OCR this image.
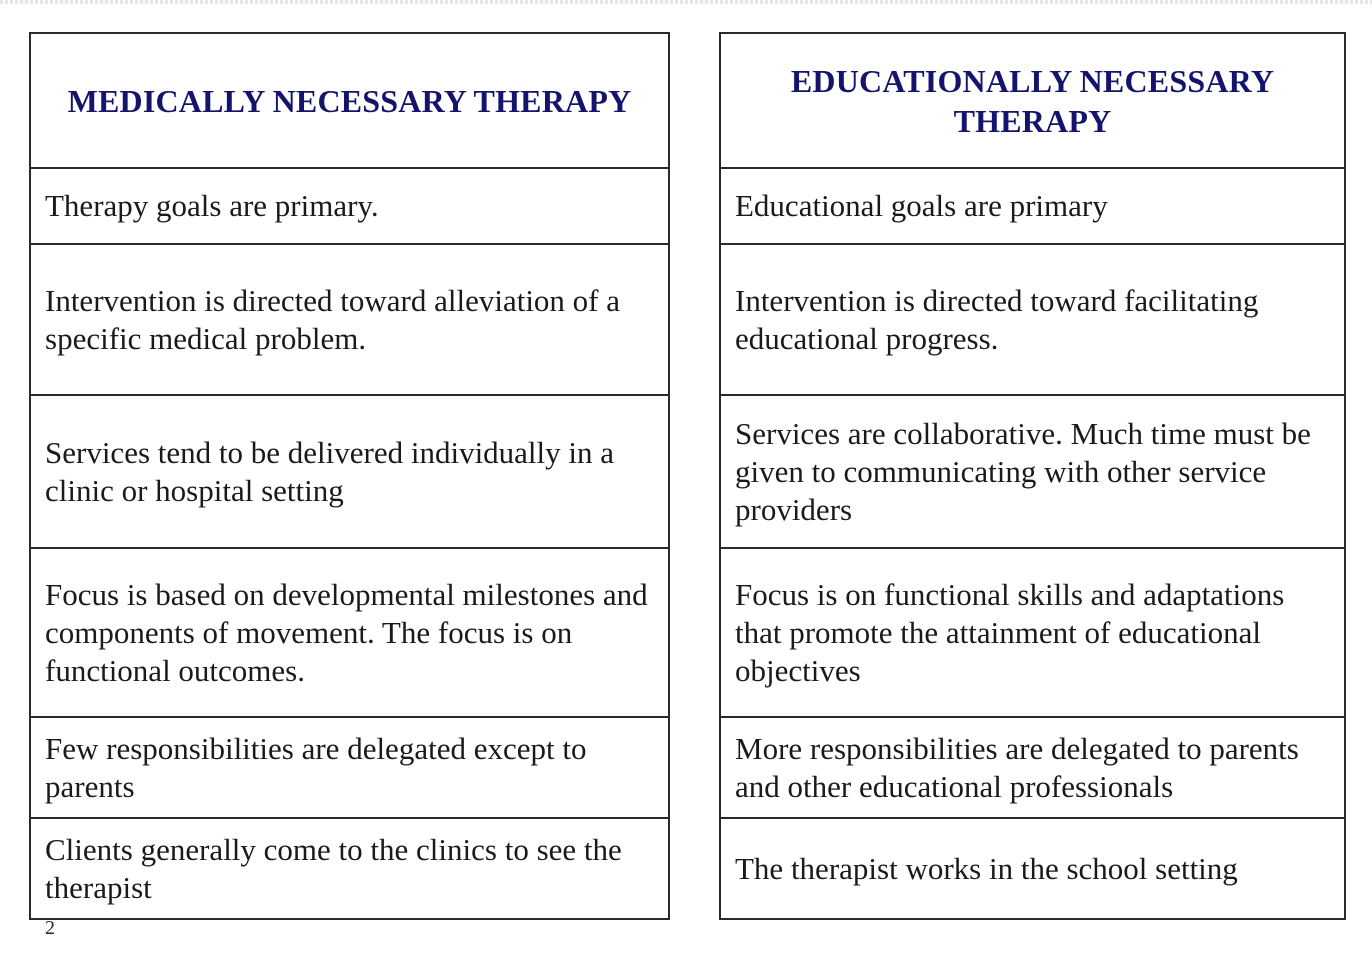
MEDICALLY NECESSARY THERAPY
Therapy goals are primary.
Intervention is directed toward alleviation of a specific medical problem.
Services tend to be delivered individually in a clinic or hospital setting
Focus is based on developmental milestones and components of movement. The focus is on functional outcomes.
Few responsibilities are delegated except to parents
Clients generally come to the clinics to see the therapist
EDUCATIONALLY NECESSARY THERAPY
Educational goals are primary
Intervention is directed toward facilitating educational progress.
Services are collaborative. Much time must be given to communicating with other service providers
Focus is on functional skills and adaptations that promote the attainment of educational objectives
More responsibilities are delegated to parents and other educational professionals
The therapist works in the school setting
2
